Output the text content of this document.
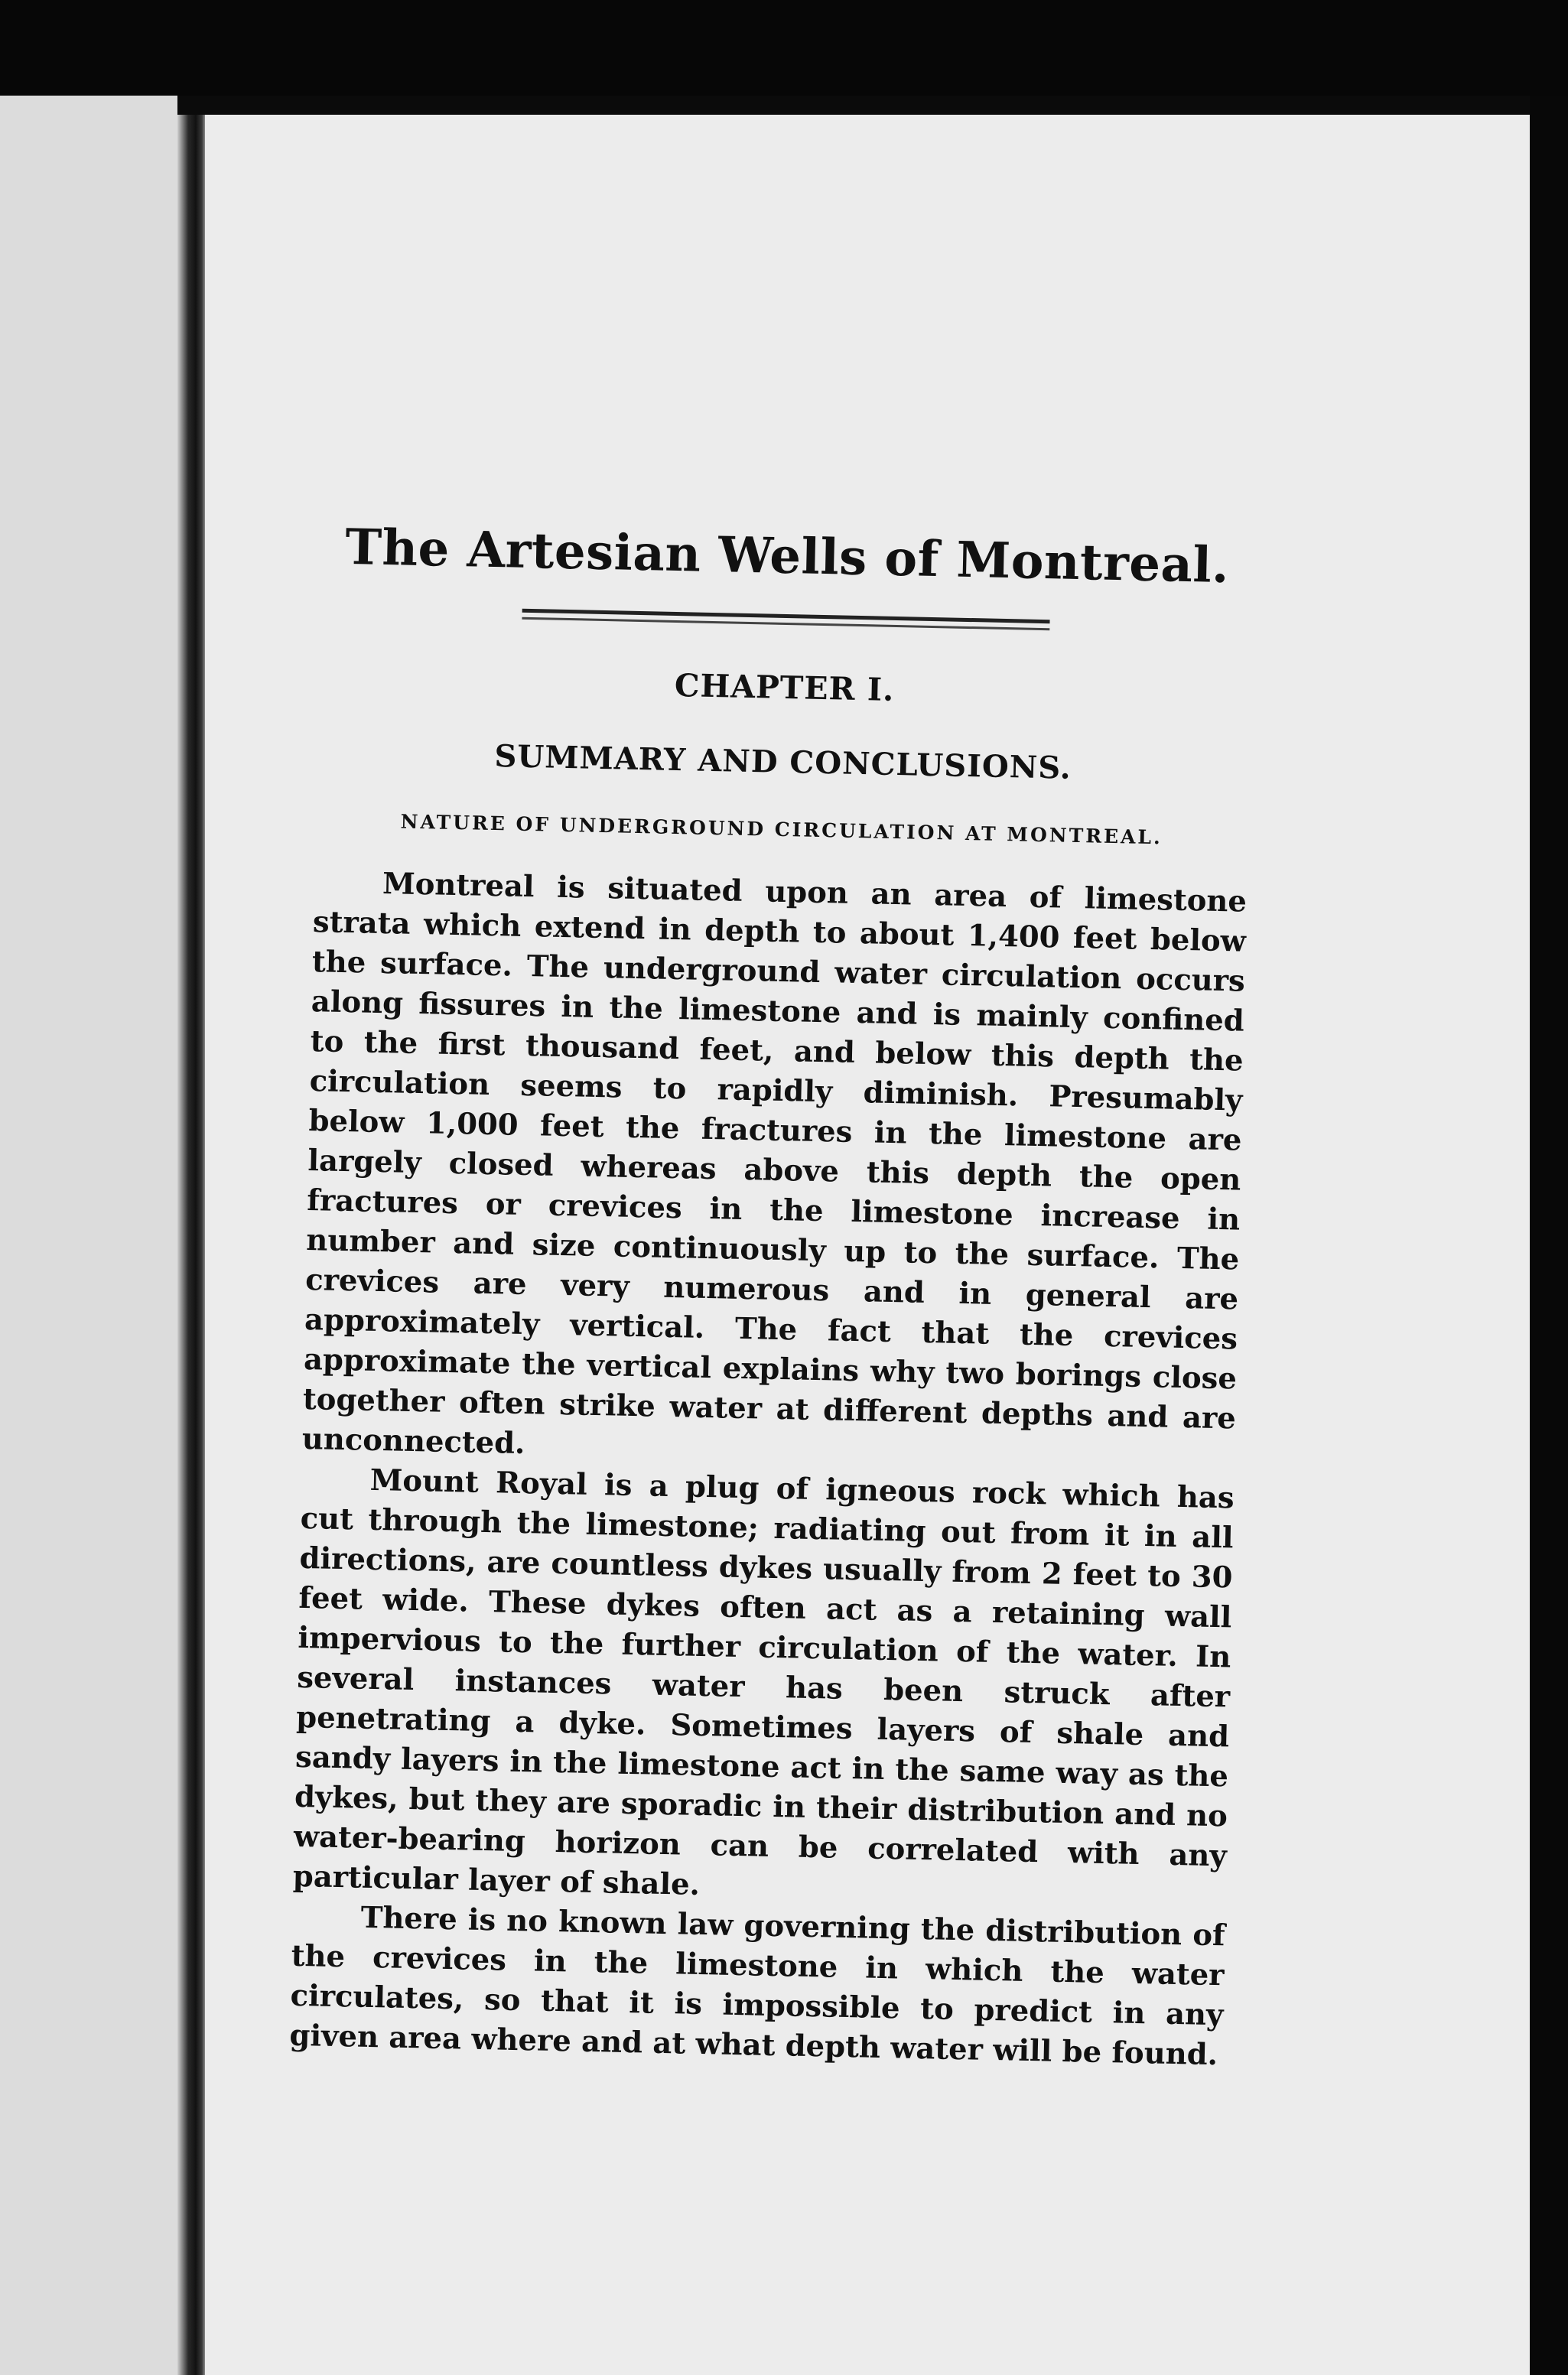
The Artesian Wells of Montreal.
CHAPTER I.
SUMMARY AND CONCLUSIONS.
NATURE OF UNDERGROUND CIRCULATION AT MONTREAL.

Montreal is situated upon an area of limestone strata which extend in depth to about 1,400 feet below the surface. The underground water circulation occurs along fissures in the limestone and is mainly confined to the first thousand feet, and below this depth the circulation seems to rapidly diminish. Presumably below 1,000 feet the fractures in the limestone are largely closed whereas above this depth the open fractures or crevices in the limestone increase in number and size continuously up to the surface. The crevices are very numerous and in general are approximately vertical. The fact that the crevices approximate the vertical explains why two borings close together often strike water at different depths and are unconnected.

Mount Royal is a plug of igneous rock which has cut through the limestone; radiating out from it in all directions, are countless dykes usually from 2 feet to 30 feet wide. These dykes often act as a retaining wall impervious to the further circulation of the water. In several instances water has been struck after penetrating a dyke. Sometimes layers of shale and sandy layers in the limestone act in the same way as the dykes, but they are sporadic in their distribution and no water-bearing horizon can be correlated with any particular layer of shale.

There is no known law governing the distribution of the crevices in the limestone in which the water circulates, so that it is impossible to predict in any given area where and at what depth water will be found.
